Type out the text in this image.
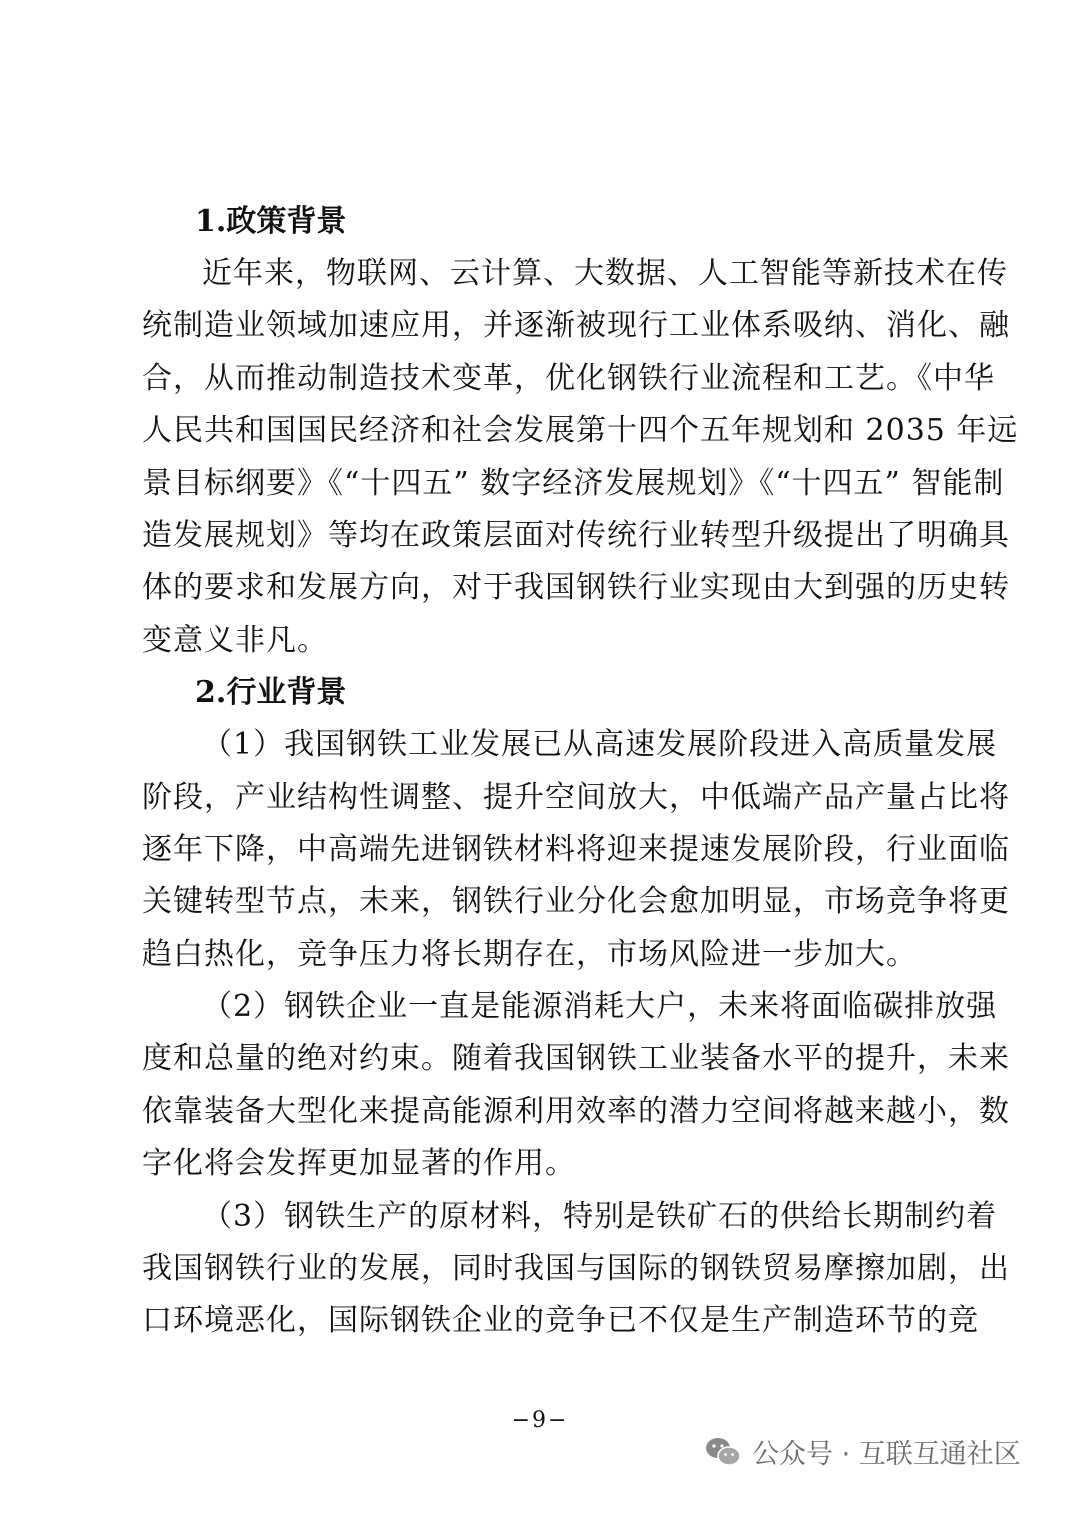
1.政策背景
近年来，物联网、云计算、大数据、人工智能等新技术在传
统制造业领域加速应用，并逐渐被现行工业体系吸纳、消化、融
合，从而推动制造技术变革，优化钢铁行业流程和工艺。《中华
人民共和国国民经济和社会发展第十四个五年规划和 2035 年远
景目标纲要》《“十四五” 数字经济发展规划》《“十四五” 智能制
造发展规划》等均在政策层面对传统行业转型升级提出了明确具
体的要求和发展方向，对于我国钢铁行业实现由大到强的历史转
变意义非凡。
2.行业背景
（1）我国钢铁工业发展已从高速发展阶段进入高质量发展
阶段，产业结构性调整、提升空间放大，中低端产品产量占比将
逐年下降，中高端先进钢铁材料将迎来提速发展阶段，行业面临
关键转型节点，未来，钢铁行业分化会愈加明显，市场竞争将更
趋白热化，竞争压力将长期存在，市场风险进一步加大。
（2）钢铁企业一直是能源消耗大户，未来将面临碳排放强
度和总量的绝对约束。随着我国钢铁工业装备水平的提升，未来
依靠装备大型化来提高能源利用效率的潜力空间将越来越小，数
字化将会发挥更加显著的作用。
（3）钢铁生产的原材料，特别是铁矿石的供给长期制约着
我国钢铁行业的发展，同时我国与国际的钢铁贸易摩擦加剧，出
口环境恶化，国际钢铁企业的竞争已不仅是生产制造环节的竞
−9−
公众号 · 互联互通社区
